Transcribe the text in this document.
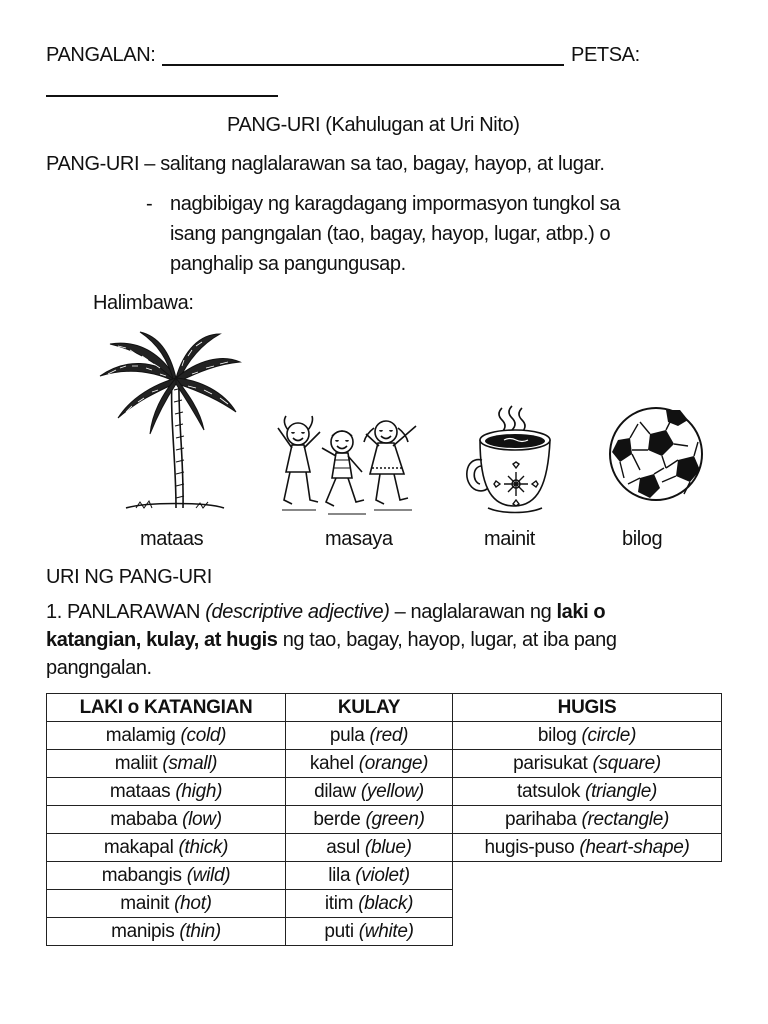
PANGALAN:	PETSA:
PANG-URI (Kahulugan at Uri Nito)
PANG-URI – salitang naglalarawan sa tao, bagay, hayop, at lugar.
- nagbibigay ng karagdagang impormasyon tungkol sa
isang pangngalan (tao, bagay, hayop, lugar, atbp.) o
panghalip sa pangungusap.
Halimbawa:
mataas	masaya	mainit	bilog
URI NG PANG-URI
1. PANLARAWAN (descriptive adjective) – naglalarawan ng laki o
katangian, kulay, at hugis ng tao, bagay, hayop, lugar, at iba pang
pangngalan.
LAKI o KATANGIAN	KULAY	HUGIS
malamig (cold)	pula (red)	bilog (circle)
maliit (small)	kahel (orange)	parisukat (square)
mataas (high)	dilaw (yellow)	tatsulok (triangle)
mababa (low)	berde (green)	parihaba (rectangle)
makapal (thick)	asul (blue)	hugis-puso (heart-shape)
mabangis (wild)	lila (violet)	
mainit (hot)	itim (black)	
manipis (thin)	puti (white)	
